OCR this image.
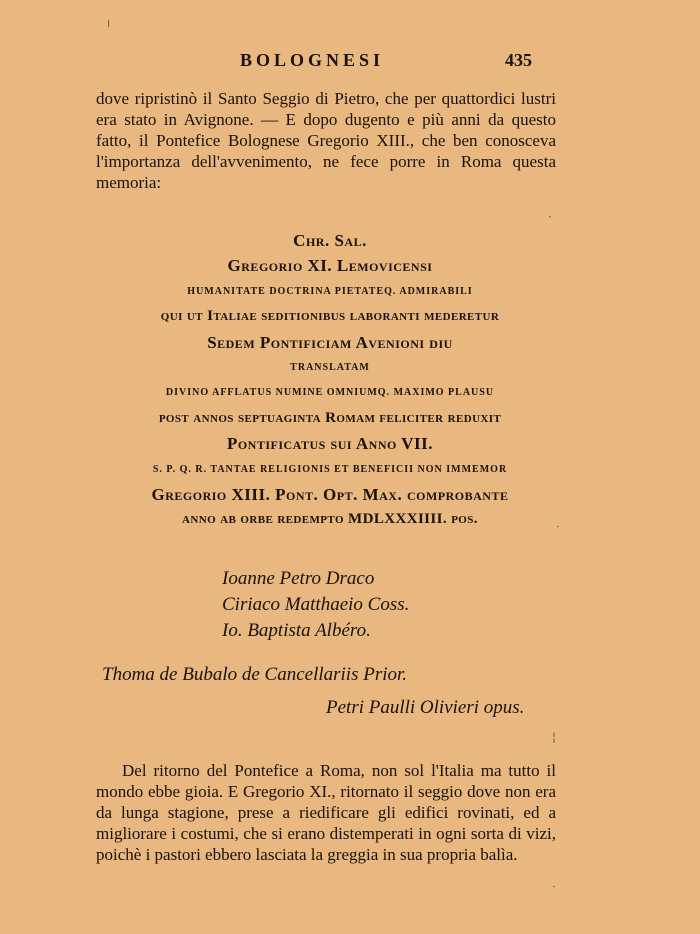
╵
·
·
¦
·
BOLOGNESI	435

dove ripristinò il Santo Seggio di Pietro, che per quattordici lustri era stato in Avignone. — E dopo dugento e più anni da questo fatto, il Pontefice Bolognese Gregorio XIII., che ben conosceva l'importanza dell'avvenimento, ne fece porre in Roma questa memoria:

Chr. Sal.
Gregorio XI. Lemovicensi
HUMANITATE DOCTRINA PIETATEQ. ADMIRABILI
qui ut Italiae seditionibus laboranti mederetur
Sedem Pontificiam Avenioni diu
TRANSLATAM
DIVINO AFFLATUS NUMINE OMNIUMQ. MAXIMO PLAUSU
post annos septuaginta Romam feliciter reduxit
Pontificatus sui Anno VII.
S. P. Q. R. TANTAE RELIGIONIS ET BENEFICII NON IMMEMOR
Gregorio XIII. Pont. Opt. Max. comprobante
anno ab orbe redempto MDLXXXIIII. pos.
Ioanne Petro Draco
Ciriaco Matthaeio Coss.
Io. Baptista Albéro.
Thoma de Bubalo de Cancellariis Prior.
Petri Paulli Olivieri opus.

Del ritorno del Pontefice a Roma, non sol l'Italia ma tutto il mondo ebbe gioia. E Gregorio XI., ritornato il seggio dove non era da lunga stagione, prese a riedificare gli edifici rovinati, ed a migliorare i costumi, che si erano distemperati in ogni sorta di vizi, poichè i pastori ebbero lasciata la greggia in sua propria balìa.
